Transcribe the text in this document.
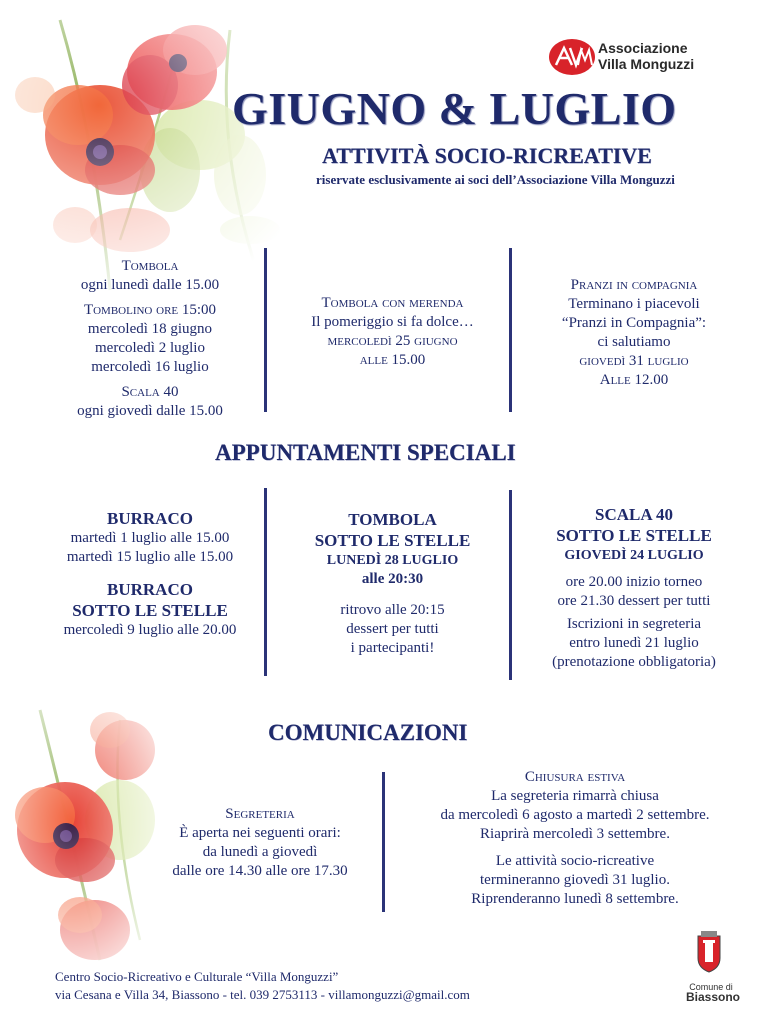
Associazione
Villa Monguzzi
GIUGNO & LUGLIO
ATTIVITÀ SOCIO-RICREATIVE
riservate esclusivamente ai soci dell’Associazione Villa Monguzzi

Tombola

ogni lunedì dalle 15.00

Tombolino ore 15:00

mercoledì 18 giugno

mercoledì 2 luglio

mercoledì 16 luglio

Scala 40

ogni giovedì dalle 15.00

Tombola con merenda

Il pomeriggio si fa dolce…

mercoledì 25 giugno

alle 15.00

Pranzi in compagnia

Terminano i piacevoli

“Pranzi in Compagnia”:

ci salutiamo

giovedì 31 luglio

Alle 12.00

APPUNTAMENTI SPECIALI

BURRACO

martedì 1 luglio alle 15.00

martedì 15 luglio alle 15.00

BURRACO

SOTTO LE STELLE

mercoledì 9 luglio alle 20.00

TOMBOLA

SOTTO LE STELLE

LUNEDÌ 28 LUGLIO

alle 20:30

ritrovo alle 20:15

dessert per tutti

i partecipanti!

SCALA 40

SOTTO LE STELLE

GIOVEDÌ 24 LUGLIO

ore 20.00 inizio torneo

ore 21.30 dessert per tutti

Iscrizioni in segreteria

entro lunedì 21 luglio

(prenotazione obbligatoria)

COMUNICAZIONI

Segreteria

È aperta nei seguenti orari:

da lunedì a giovedì

dalle ore 14.30 alle ore 17.30

Chiusura estiva

La segreteria rimarrà chiusa

da mercoledì 6 agosto a martedì 2 settembre.

Riaprirà mercoledì 3 settembre.

Le attività socio-ricreative

termineranno giovedì 31 luglio.

Riprenderanno lunedì 8 settembre.

Centro Socio-Ricreativo e Culturale “Villa Monguzzi”
via Cesana e Villa 34, Biassono - tel. 039 2753113 - villamonguzzi@gmail.com	Comune di
Biassono
